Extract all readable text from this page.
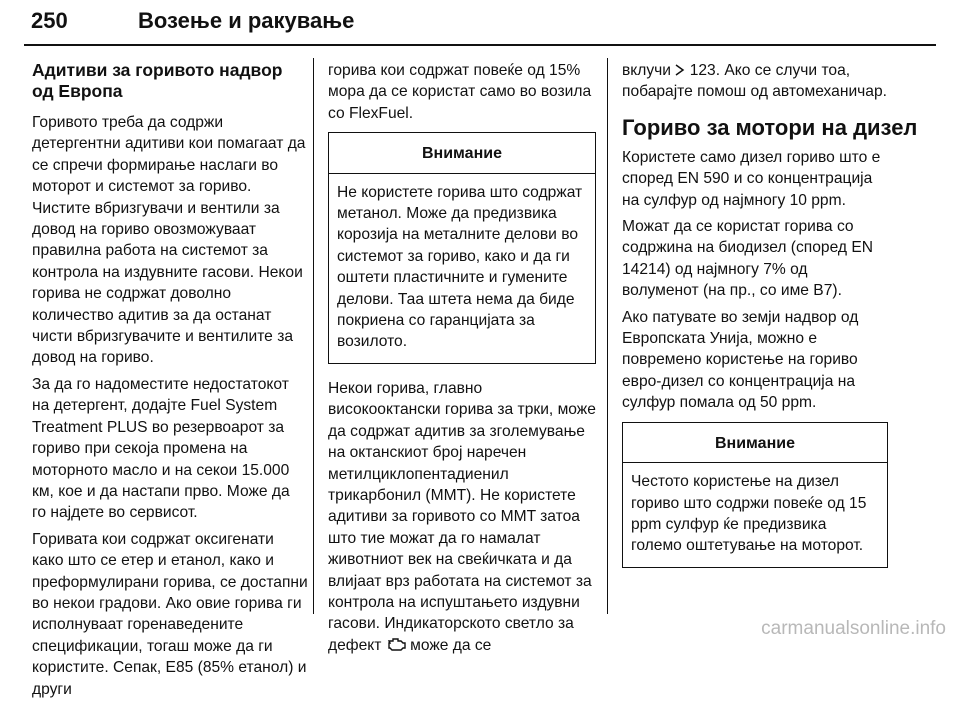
250	Возење и ракување
Адитиви за горивото надвор од Европа

Горивото треба да содржи детергентни адитиви кои помагаат да се спречи формирање наслаги во моторот и системот за гориво. Чистите вбризгувачи и вентили за довод на гориво овозможуваат правилна работа на системот за контрола на издувните гасови. Некои горива не содржат доволно количество адитив за да останат чисти вбризгувачите и вентилите за довод на гориво.

За да го надоместите недостатокот на детергент, додајте Fuel System Treatment PLUS во резервоарот за гориво при секоја промена на моторното масло и на секои 15.000 км, кое и да настапи прво. Може да го најдете во сервисот.

Горивата кои содржат оксигенати како што се етер и етанол, како и преформулирани горива, се достапни во некои градови. Ако овие горива ги исполнуваат горенаведените спецификации, тогаш може да ги користите. Сепак, E85 (85% етанол) и други

горива кои содржат повеќе од 15% мора да се користат само во возила со FlexFuel.

Внимание
Не користете горива што содржат метанол. Може да предизвика корозија на металните делови во системот за гориво, како и да ги оштети пластичните и гумените делови. Таа штета нема да биде покриена со гаранцијата за возилото.

Некои горива, главно високооктански горива за трки, може да содржат адитив за зголемување на октанскиот број наречен метилциклопентадиенил трикарбонил (MMT). Не користете адитиви за горивото со MMT затоа што тие можат да го намалат животниот век на свеќичката и да влијаат врз работата на системот за контрола на испуштањето издувни гасови. Индикаторското светло за дефект  може да се

вклучи  123. Ако се случи тоа, побарајте помош од автомеханичар.

Гориво за мотори на дизел

Користете само дизел гориво што е според EN 590 и со концентрација на сулфур од најмногу 10 ppm.

Можат да се користат горива со содржина на биодизел (според EN 14214) од најмногу 7% од волуменот (на пр., со име B7).

Ако патувате во земји надвор од Европската Унија, можно е повремено користење на гориво евро-дизел со концентрација на сулфур помала од 50 ppm.

Внимание
Честото користење на дизел гориво што содржи повеќе од 15 ppm сулфур ќе предизвика големо оштетување на моторот.
carmanualsonline.info
